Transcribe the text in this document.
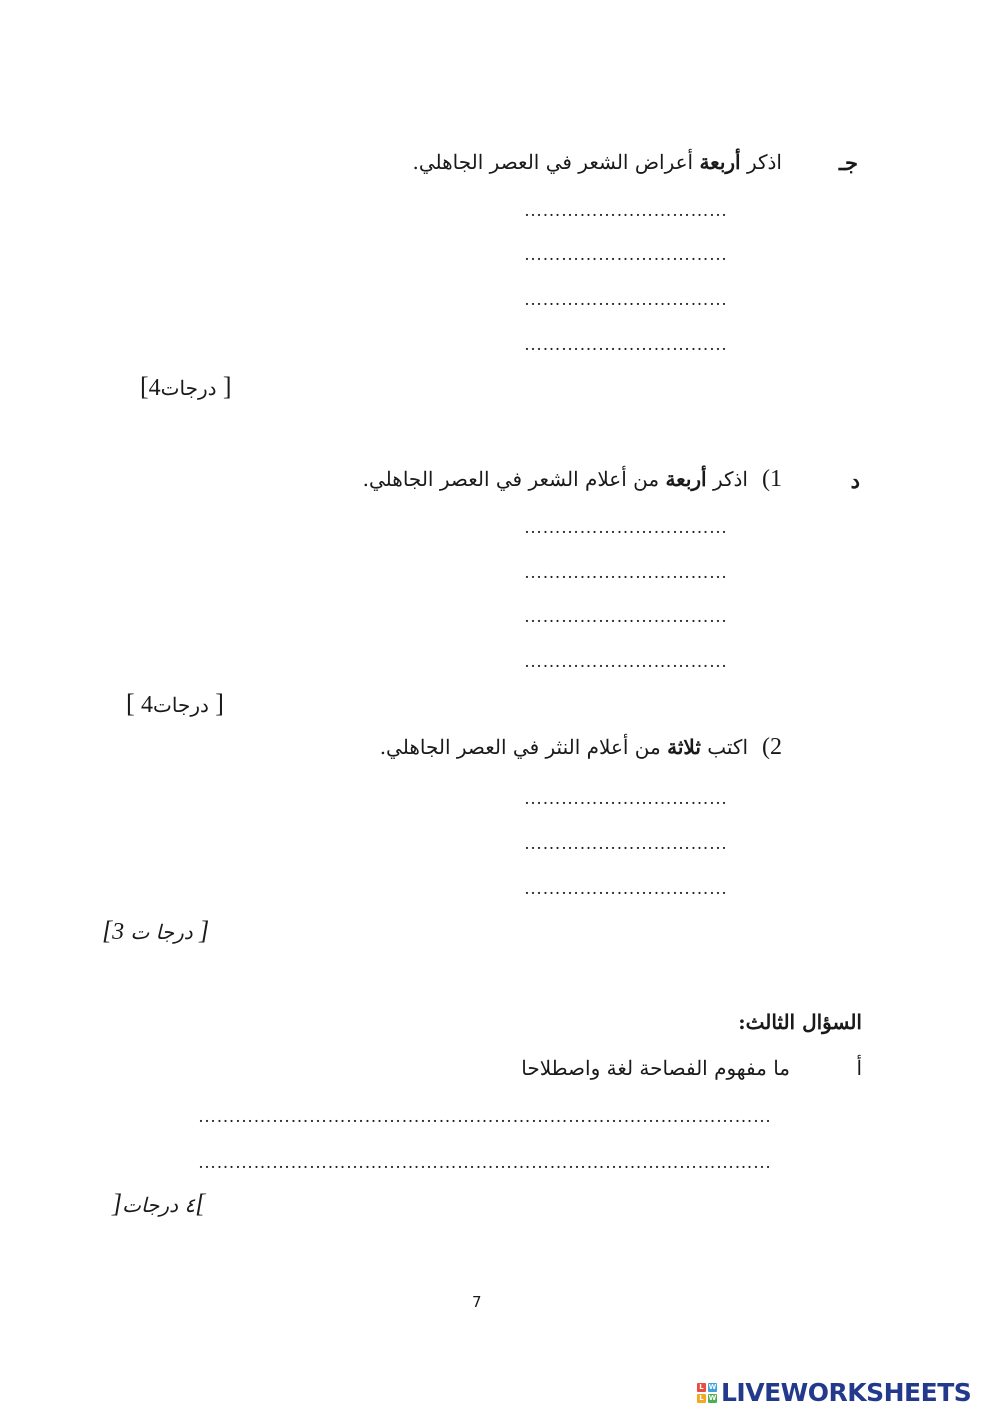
جـ
اذكر أربعة أعراض الشعر في العصر الجاهلي.
……………………………
……………………………
……………………………
……………………………
[ درجات4 ]
د
1)اذكر أربعة من أعلام الشعر في العصر الجاهلي.
……………………………
……………………………
……………………………
……………………………
[ درجات4 ]
2)اكتب ثلاثة من أعلام النثر في العصر الجاهلي.
……………………………
……………………………
……………………………
[ درجا ت 3	]
السؤال الثالث:
أ
ما مفهوم الفصاحة لغة واصطلاحا
…………………………………………………………………………………
…………………………………………………………………………………
]٤ درجات[
7
L W
L W LIVEWORKSHEETS
